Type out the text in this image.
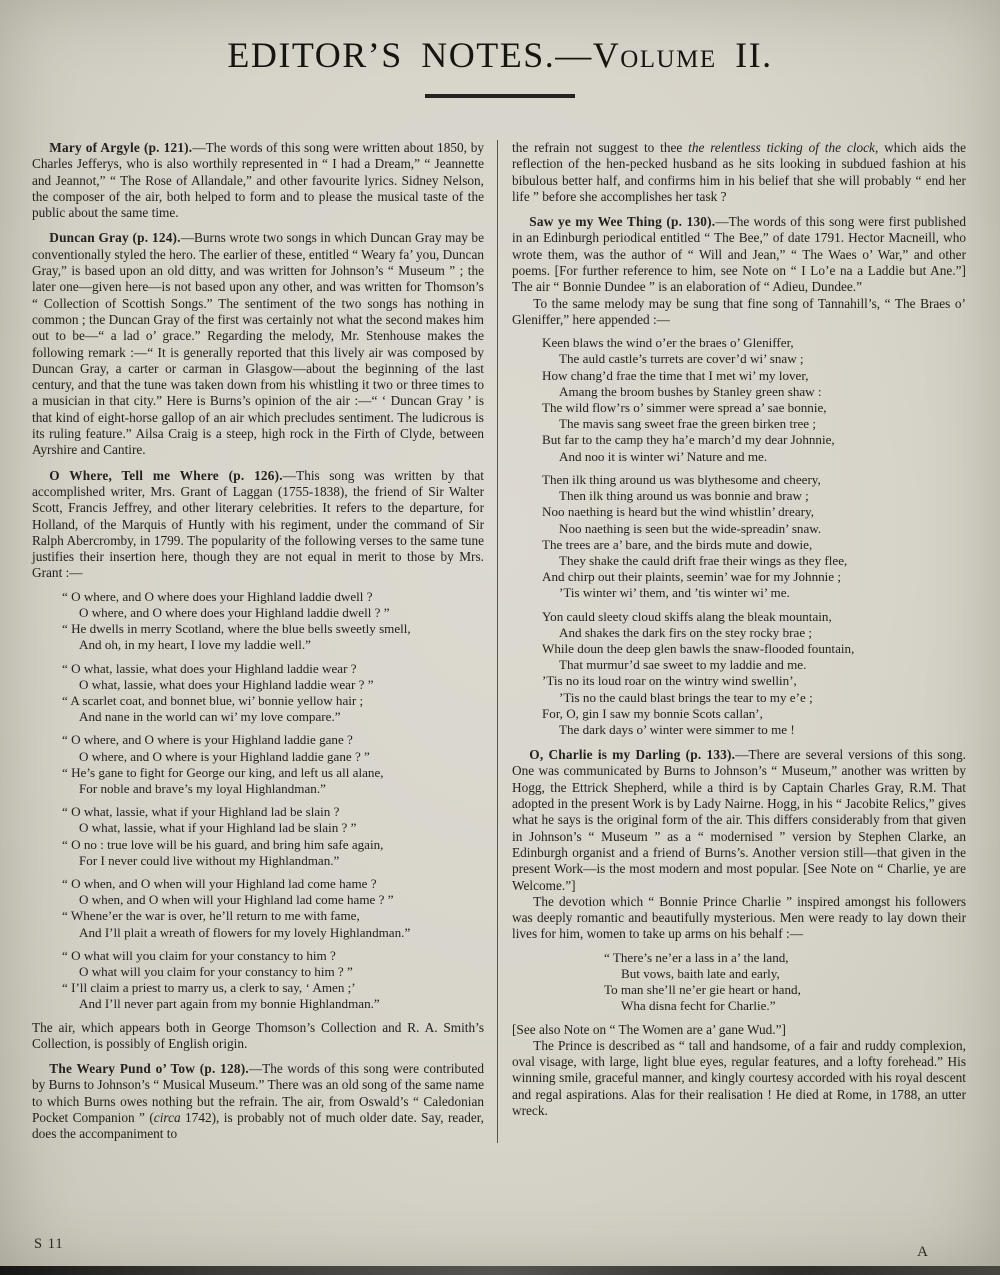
EDITOR’S NOTES.—Volume II.

Mary of Argyle (p. 121).—The words of this song were written about 1850, by Charles Jefferys, who is also worthily represented in “ I had a Dream,” “ Jeannette and Jeannot,” “ The Rose of Allandale,” and other favourite lyrics. Sidney Nelson, the composer of the air, both helped to form and to please the musical taste of the public about the same time.

Duncan Gray (p. 124).—Burns wrote two songs in which Duncan Gray may be conventionally styled the hero. The earlier of these, entitled “ Weary fa’ you, Duncan Gray,” is based upon an old ditty, and was written for Johnson’s “ Museum ” ; the later one—given here—is not based upon any other, and was written for Thomson’s “ Collection of Scottish Songs.” The sentiment of the two songs has nothing in common ; the Duncan Gray of the first was certainly not what the second makes him out to be—“ a lad o’ grace.” Regarding the melody, Mr. Stenhouse makes the following remark :—“ It is generally reported that this lively air was composed by Duncan Gray, a carter or carman in Glasgow—about the beginning of the last century, and that the tune was taken down from his whistling it two or three times to a musician in that city.” Here is Burns’s opinion of the air :—“ ‘ Duncan Gray ’ is that kind of eight-horse gallop of an air which precludes sentiment. The ludicrous is its ruling feature.” Ailsa Craig is a steep, high rock in the Firth of Clyde, between Ayrshire and Cantire.

O Where, Tell me Where (p. 126).—This song was written by that accomplished writer, Mrs. Grant of Laggan (1755-1838), the friend of Sir Walter Scott, Francis Jeffrey, and other literary celebrities. It refers to the departure, for Holland, of the Marquis of Huntly with his regiment, under the command of Sir Ralph Abercromby, in 1799. The popularity of the following verses to the same tune justifies their insertion here, though they are not equal in merit to those by Mrs. Grant :—

“ O where, and O where does your Highland laddie dwell ?
O where, and O where does your Highland laddie dwell ? ”
“ He dwells in merry Scotland, where the blue bells sweetly smell,
And oh, in my heart, I love my laddie well.”
“ O what, lassie, what does your Highland laddie wear ?
O what, lassie, what does your Highland laddie wear ? ”
“ A scarlet coat, and bonnet blue, wi’ bonnie yellow hair ;
And nane in the world can wi’ my love compare.”
“ O where, and O where is your Highland laddie gane ?
O where, and O where is your Highland laddie gane ? ”
“ He’s gane to fight for George our king, and left us all alane,
For noble and brave’s my loyal Highlandman.”
“ O what, lassie, what if your Highland lad be slain ?
O what, lassie, what if your Highland lad be slain ? ”
“ O no : true love will be his guard, and bring him safe again,
For I never could live without my Highlandman.”
“ O when, and O when will your Highland lad come hame ?
O when, and O when will your Highland lad come hame ? ”
“ Whene’er the war is over, he’ll return to me with fame,
And I’ll plait a wreath of flowers for my lovely Highlandman.”
“ O what will you claim for your constancy to him ?
O what will you claim for your constancy to him ? ”
“ I’ll claim a priest to marry us, a clerk to say, ‘ Amen ;’
And I’ll never part again from my bonnie Highlandman.”

The air, which appears both in George Thomson’s Collection and R. A. Smith’s Collection, is possibly of English origin.

The Weary Pund o’ Tow (p. 128).—The words of this song were contributed by Burns to Johnson’s “ Musical Museum.” There was an old song of the same name to which Burns owes nothing but the refrain. The air, from Oswald’s “ Caledonian Pocket Companion ” (circa 1742), is probably not of much older date. Say, reader, does the accompaniment to

the refrain not suggest to thee the relentless ticking of the clock, which aids the reflection of the hen-pecked husband as he sits looking in subdued fashion at his bibulous better half, and confirms him in his belief that she will probably “ end her life ” before she accomplishes her task ?

Saw ye my Wee Thing (p. 130).—The words of this song were first published in an Edinburgh periodical entitled “ The Bee,” of date 1791. Hector Macneill, who wrote them, was the author of “ Will and Jean,” “ The Waes o’ War,” and other poems. [For further reference to him, see Note on “ I Lo’e na a Laddie but Ane.”] The air “ Bonnie Dundee ” is an elaboration of “ Adieu, Dundee.”

To the same melody may be sung that fine song of Tannahill’s, “ The Braes o’ Gleniffer,” here appended :—

Keen blaws the wind o’er the braes o’ Gleniffer,
The auld castle’s turrets are cover’d wi’ snaw ;
How chang’d frae the time that I met wi’ my lover,
Amang the broom bushes by Stanley green shaw :
The wild flow’rs o’ simmer were spread a’ sae bonnie,
The mavis sang sweet frae the green birken tree ;
But far to the camp they ha’e march’d my dear Johnnie,
And noo it is winter wi’ Nature and me.
Then ilk thing around us was blythesome and cheery,
Then ilk thing around us was bonnie and braw ;
Noo naething is heard but the wind whistlin’ dreary,
Noo naething is seen but the wide-spreadin’ snaw.
The trees are a’ bare, and the birds mute and dowie,
They shake the cauld drift frae their wings as they flee,
And chirp out their plaints, seemin’ wae for my Johnnie ;
’Tis winter wi’ them, and ’tis winter wi’ me.
Yon cauld sleety cloud skiffs alang the bleak mountain,
And shakes the dark firs on the stey rocky brae ;
While doun the deep glen bawls the snaw-flooded fountain,
That murmur’d sae sweet to my laddie and me.
’Tis no its loud roar on the wintry wind swellin’,
’Tis no the cauld blast brings the tear to my e’e ;
For, O, gin I saw my bonnie Scots callan’,
The dark days o’ winter were simmer to me !

O, Charlie is my Darling (p. 133).—There are several versions of this song. One was communicated by Burns to Johnson’s “ Museum,” another was written by Hogg, the Ettrick Shepherd, while a third is by Captain Charles Gray, R.M. That adopted in the present Work is by Lady Nairne. Hogg, in his “ Jacobite Relics,” gives what he says is the original form of the air. This differs considerably from that given in Johnson’s “ Museum ” as a “ modernised ” version by Stephen Clarke, an Edinburgh organist and a friend of Burns’s. Another version still—that given in the present Work—is the most modern and most popular. [See Note on “ Charlie, ye are Welcome.”]

The devotion which “ Bonnie Prince Charlie ” inspired amongst his followers was deeply romantic and beautifully mysterious. Men were ready to lay down their lives for him, women to take up arms on his behalf :—

“ There’s ne’er a lass in a’ the land,
But vows, baith late and early,
To man she’ll ne’er gie heart or hand,
Wha disna fecht for Charlie.”

[See also Note on “ The Women are a’ gane Wud.”]

The Prince is described as “ tall and handsome, of a fair and ruddy complexion, oval visage, with large, light blue eyes, regular features, and a lofty forehead.” His winning smile, graceful manner, and kingly courtesy accorded with his royal descent and regal aspirations. Alas for their realisation ! He died at Rome, in 1788, an utter wreck.

S 11	A
